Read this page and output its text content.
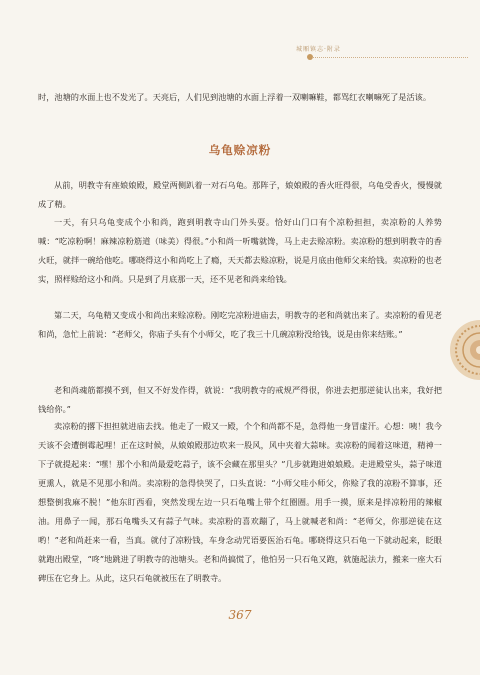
城厢镇志·附录

时，池塘的水面上也不发光了。天亮后，人们见到池塘的水面上浮着一双喇嘛鞋，都骂红衣喇嘛死了是活该。

乌龟赊凉粉

从前，明教寺有座娘娘殿，殿堂两侧趴着一对石乌龟。那阵子，娘娘殿的香火旺得很，乌龟受香火，慢慢就成了精。

一天，有只乌龟变成个小和尚，跑到明教寺山门外头耍。恰好山门口有个凉粉担担，卖凉粉的人养势喊：“吃凉粉啊！麻辣凉粉筋道（味美）得很。”小和尚一听嘴就馋，马上走去赊凉粉。卖凉粉的想到明教寺的香火旺，就拌一碗给他吃。哪晓得这小和尚吃上了瘾，天天都去赊凉粉，说是月底由他师父来给钱。卖凉粉的也老实，照样赊给这小和尚。只是到了月底那一天，还不见老和尚来给钱。

第二天，乌龟精又变成小和尚出来赊凉粉。刚吃完凉粉进庙去，明教寺的老和尚就出来了。卖凉粉的看见老和尚，急忙上前说：“老师父，你庙子头有个小师父，吃了我三十几碗凉粉没给钱，说是由你来结账。”

老和尚魂筋都摸不到，但又不好发作得，就说：“我明教寺的戒规严得很，你进去把那逆徒认出来，我好把钱给你。”

卖凉粉的撂下担担就进庙去找。他走了一殿又一殿，个个和尚都不是，急得他一身冒虚汗。心想：咦！我今天该不会遭倒霉起哩！正在这时候，从娘娘殿那边吹来一股风，风中夹着大蒜味。卖凉粉的闻着这味道，精神一下子就提起来：“嘿！那个小和尚最爱吃蒜子，该不会藏在那里头？”几步就跑进娘娘殿。走进殿堂头，蒜子味道更熏人，就是不见那小和尚。卖凉粉的急得快哭了，口头直说：“小师父哇小师父，你赊了我的凉粉不算事，还想整倒我麻不脱！”他东盯西看，突然发现左边一只石龟嘴上带个红圈圈。用手一摸，原来是拌凉粉用的辣椒油。用鼻子一闻，那石龟嘴头又有蒜子气味。卖凉粉的喜欢蹦了，马上就喊老和尚：“老师父，你那逆徒在这哟！”老和尚赶来一看，当真。就付了凉粉钱，车身念动咒语要医治石龟。哪晓得这只石龟一下就动起来，眨眼就跑出殿堂，“咚”地跳进了明教寺的池塘头。老和尚搞慌了，他怕另一只石龟又跑，就施起法力，搬来一座大石碑压在它身上。从此，这只石龟就被压在了明教寺。

367
